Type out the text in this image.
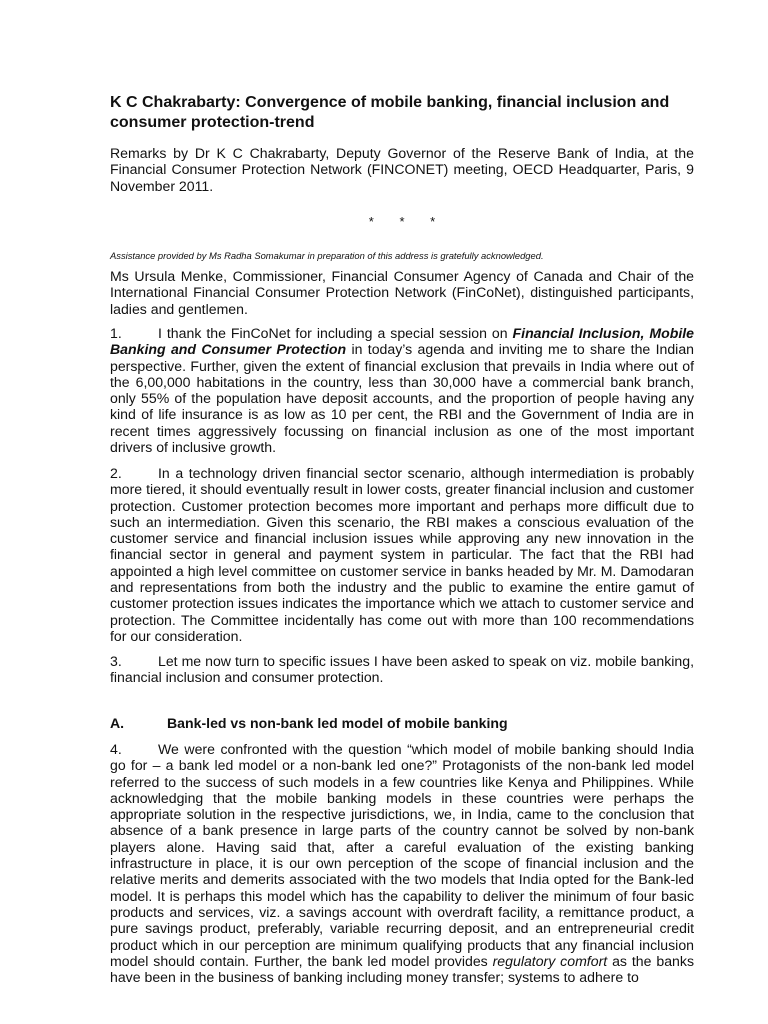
K C Chakrabarty: Convergence of mobile banking, financial inclusion and consumer protection-trend
Remarks by Dr K C Chakrabarty, Deputy Governor of the Reserve Bank of India, at the Financial Consumer Protection Network (FINCONET) meeting, OECD Headquarter, Paris, 9 November 2011.
* * *
Assistance provided by Ms Radha Somakumar in preparation of this address is gratefully acknowledged.
Ms Ursula Menke, Commissioner, Financial Consumer Agency of Canada and Chair of the International Financial Consumer Protection Network (FinCoNet), distinguished participants, ladies and gentlemen.
1.	I thank the FinCoNet for including a special session on Financial Inclusion, Mobile Banking and Consumer Protection in today’s agenda and inviting me to share the Indian perspective. Further, given the extent of financial exclusion that prevails in India where out of the 6,00,000 habitations in the country, less than 30,000 have a commercial bank branch, only 55% of the population have deposit accounts, and the proportion of people having any kind of life insurance is as low as 10 per cent, the RBI and the Government of India are in recent times aggressively focussing on financial inclusion as one of the most important drivers of inclusive growth.
2.	In a technology driven financial sector scenario, although intermediation is probably more tiered, it should eventually result in lower costs, greater financial inclusion and customer protection. Customer protection becomes more important and perhaps more difficult due to such an intermediation. Given this scenario, the RBI makes a conscious evaluation of the customer service and financial inclusion issues while approving any new innovation in the financial sector in general and payment system in particular. The fact that the RBI had appointed a high level committee on customer service in banks headed by Mr. M. Damodaran and representations from both the industry and the public to examine the entire gamut of customer protection issues indicates the importance which we attach to customer service and protection. The Committee incidentally has come out with more than 100 recommendations for our consideration.
3.	Let me now turn to specific issues I have been asked to speak on viz. mobile banking, financial inclusion and consumer protection.
A.	Bank-led vs non-bank led model of mobile banking
4.	We were confronted with the question “which model of mobile banking should India go for – a bank led model or a non-bank led one?” Protagonists of the non-bank led model referred to the success of such models in a few countries like Kenya and Philippines. While acknowledging that the mobile banking models in these countries were perhaps the appropriate solution in the respective jurisdictions, we, in India, came to the conclusion that absence of a bank presence in large parts of the country cannot be solved by non-bank players alone. Having said that, after a careful evaluation of the existing banking infrastructure in place, it is our own perception of the scope of financial inclusion and the relative merits and demerits associated with the two models that India opted for the Bank-led model. It is perhaps this model which has the capability to deliver the minimum of four basic products and services, viz. a savings account with overdraft facility, a remittance product, a pure savings product, preferably, variable recurring deposit, and an entrepreneurial credit product which in our perception are minimum qualifying products that any financial inclusion model should contain. Further, the bank led model provides regulatory comfort as the banks have been in the business of banking including money transfer; systems to adhere to
